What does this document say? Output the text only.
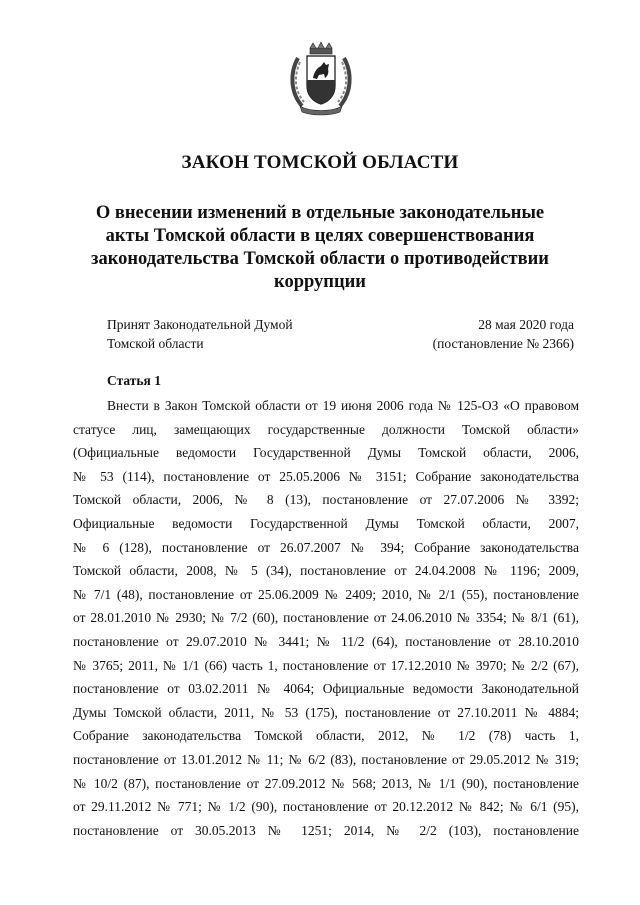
ЗАКОН ТОМСКОЙ ОБЛАСТИ
О внесении изменений в отдельные законодательные
акты Томской области в целях совершенствования
законодательства Томской области о противодействии
коррупции
Принят Законодательной Думой
Томской области
28 мая 2020 года
(постановление № 2366)
Статья 1
Внести в Закон Томской области от 19 июня 2006 года № 125-ОЗ «О правовом
статусе лиц, замещающих государственные должности Томской области»
(Официальные ведомости Государственной Думы Томской области, 2006,
№ 53 (114), постановление от 25.05.2006 № 3151; Собрание законодательства
Томской области, 2006, № 8 (13), постановление от 27.07.2006 № 3392;
Официальные ведомости Государственной Думы Томской области, 2007,
№ 6 (128), постановление от 26.07.2007 № 394; Собрание законодательства
Томской области, 2008, № 5 (34), постановление от 24.04.2008 № 1196; 2009,
№ 7/1 (48), постановление от 25.06.2009 № 2409; 2010, № 2/1 (55), постановление
от 28.01.2010 № 2930; № 7/2 (60), постановление от 24.06.2010 № 3354; № 8/1 (61),
постановление от 29.07.2010 № 3441; № 11/2 (64), постановление от 28.10.2010
№ 3765; 2011, № 1/1 (66) часть 1, постановление от 17.12.2010 № 3970; № 2/2 (67),
постановление от 03.02.2011 № 4064; Официальные ведомости Законодательной
Думы Томской области, 2011, № 53 (175), постановление от 27.10.2011 № 4884;
Собрание законодательства Томской области, 2012, № 1/2 (78) часть 1,
постановление от 13.01.2012 № 11; № 6/2 (83), постановление от 29.05.2012 № 319;
№ 10/2 (87), постановление от 27.09.2012 № 568; 2013, № 1/1 (90), постановление
от 29.11.2012 № 771; № 1/2 (90), постановление от 20.12.2012 № 842; № 6/1 (95),
постановление от 30.05.2013 № 1251; 2014, № 2/2 (103), постановление
